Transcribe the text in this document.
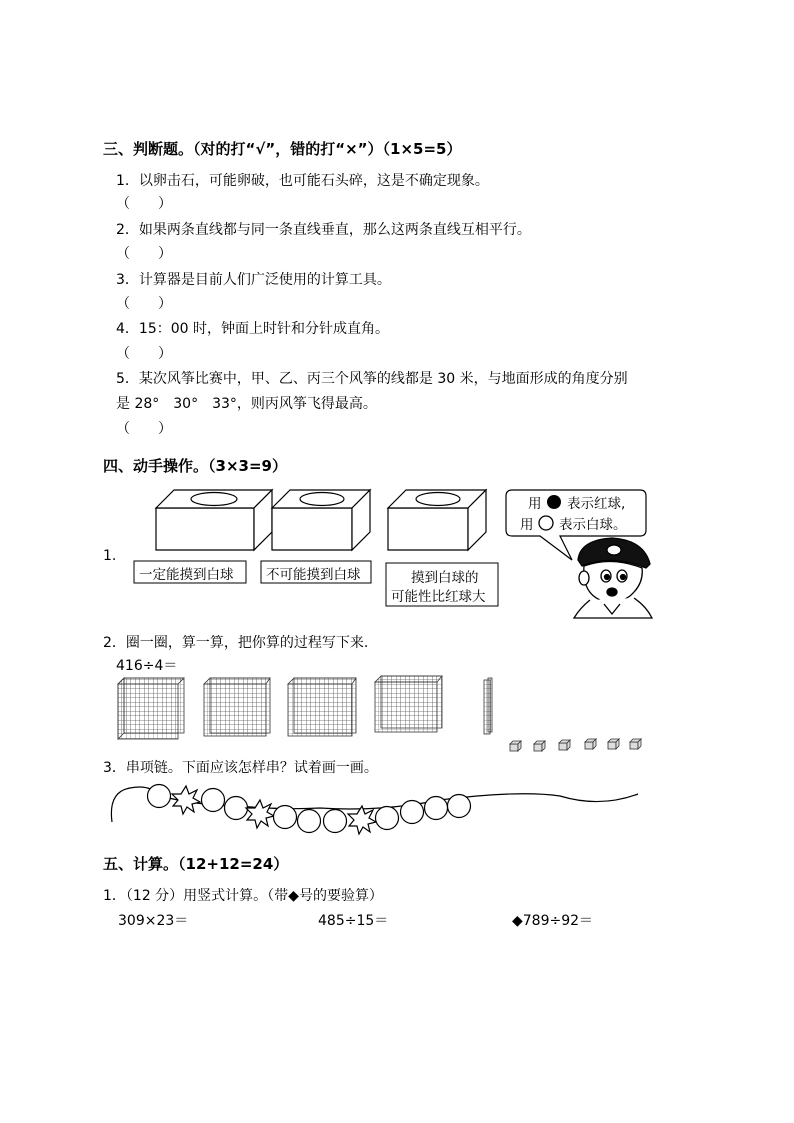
三、判断题。（对的打“√”，错的打“×”）（1×5=5）
1．以卵击石，可能卵破，也可能石头碎，这是不确定现象。
（　　）
2．如果两条直线都与同一条直线垂直，那么这两条直线互相平行。
（　　）
3．计算器是目前人们广泛使用的计算工具。
（　　）
4．15：00 时，钟面上时针和分针成直角。
（　　）
5．某次风筝比赛中，甲、乙、丙三个风筝的线都是 30 米，与地面形成的角度分别
是 28°　30°　33°，则丙风筝飞得最高。
（　　）
四、动手操作。（3×3=9）
1.
一定能摸到白球 不可能摸到白球	摸到白球的
可能性比红球大
用 表示红球,
用 表示白球。
2．圈一圈，算一算，把你算的过程写下来.
416÷4＝
3．串项链。下面应该怎样串？试着画一画。
五、计算。（12+12=24）
1．（12 分）用竖式计算。（带◆号的要验算）
309×23＝	485÷15＝	◆789÷92＝
